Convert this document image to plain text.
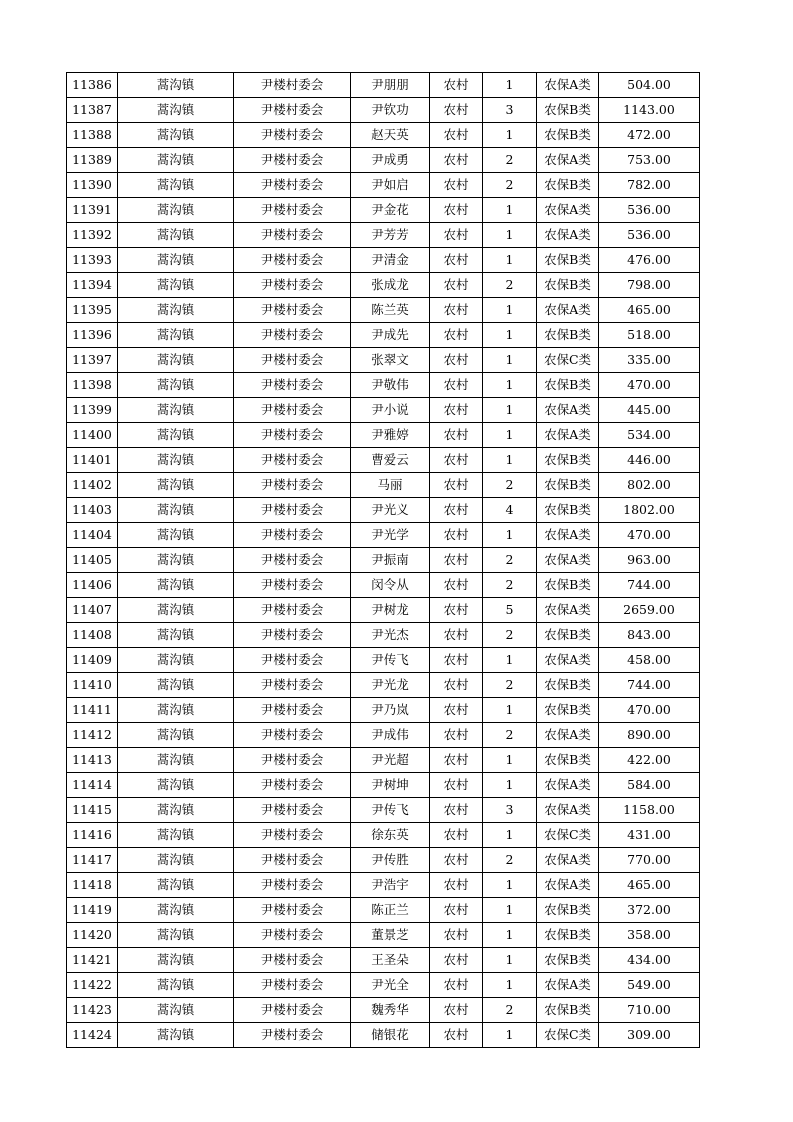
11386	蒿沟镇	尹楼村委会	尹朋朋	农村	1	农保A类	504.00
11387	蒿沟镇	尹楼村委会	尹钦功	农村	3	农保B类	1143.00
11388	蒿沟镇	尹楼村委会	赵天英	农村	1	农保B类	472.00
11389	蒿沟镇	尹楼村委会	尹成勇	农村	2	农保A类	753.00
11390	蒿沟镇	尹楼村委会	尹如启	农村	2	农保B类	782.00
11391	蒿沟镇	尹楼村委会	尹金花	农村	1	农保A类	536.00
11392	蒿沟镇	尹楼村委会	尹芳芳	农村	1	农保A类	536.00
11393	蒿沟镇	尹楼村委会	尹清金	农村	1	农保B类	476.00
11394	蒿沟镇	尹楼村委会	张成龙	农村	2	农保B类	798.00
11395	蒿沟镇	尹楼村委会	陈兰英	农村	1	农保A类	465.00
11396	蒿沟镇	尹楼村委会	尹成先	农村	1	农保B类	518.00
11397	蒿沟镇	尹楼村委会	张翠文	农村	1	农保C类	335.00
11398	蒿沟镇	尹楼村委会	尹敬伟	农村	1	农保B类	470.00
11399	蒿沟镇	尹楼村委会	尹小说	农村	1	农保A类	445.00
11400	蒿沟镇	尹楼村委会	尹雅婷	农村	1	农保A类	534.00
11401	蒿沟镇	尹楼村委会	曹爱云	农村	1	农保B类	446.00
11402	蒿沟镇	尹楼村委会	马丽	农村	2	农保B类	802.00
11403	蒿沟镇	尹楼村委会	尹光义	农村	4	农保B类	1802.00
11404	蒿沟镇	尹楼村委会	尹光学	农村	1	农保A类	470.00
11405	蒿沟镇	尹楼村委会	尹振南	农村	2	农保A类	963.00
11406	蒿沟镇	尹楼村委会	闵令从	农村	2	农保B类	744.00
11407	蒿沟镇	尹楼村委会	尹树龙	农村	5	农保A类	2659.00
11408	蒿沟镇	尹楼村委会	尹光杰	农村	2	农保B类	843.00
11409	蒿沟镇	尹楼村委会	尹传飞	农村	1	农保A类	458.00
11410	蒿沟镇	尹楼村委会	尹光龙	农村	2	农保B类	744.00
11411	蒿沟镇	尹楼村委会	尹乃岚	农村	1	农保B类	470.00
11412	蒿沟镇	尹楼村委会	尹成伟	农村	2	农保A类	890.00
11413	蒿沟镇	尹楼村委会	尹光超	农村	1	农保B类	422.00
11414	蒿沟镇	尹楼村委会	尹树坤	农村	1	农保A类	584.00
11415	蒿沟镇	尹楼村委会	尹传飞	农村	3	农保A类	1158.00
11416	蒿沟镇	尹楼村委会	徐东英	农村	1	农保C类	431.00
11417	蒿沟镇	尹楼村委会	尹传胜	农村	2	农保A类	770.00
11418	蒿沟镇	尹楼村委会	尹浩宇	农村	1	农保A类	465.00
11419	蒿沟镇	尹楼村委会	陈正兰	农村	1	农保B类	372.00
11420	蒿沟镇	尹楼村委会	董景芝	农村	1	农保B类	358.00
11421	蒿沟镇	尹楼村委会	王圣朵	农村	1	农保B类	434.00
11422	蒿沟镇	尹楼村委会	尹光全	农村	1	农保A类	549.00
11423	蒿沟镇	尹楼村委会	魏秀华	农村	2	农保B类	710.00
11424	蒿沟镇	尹楼村委会	储银花	农村	1	农保C类	309.00
